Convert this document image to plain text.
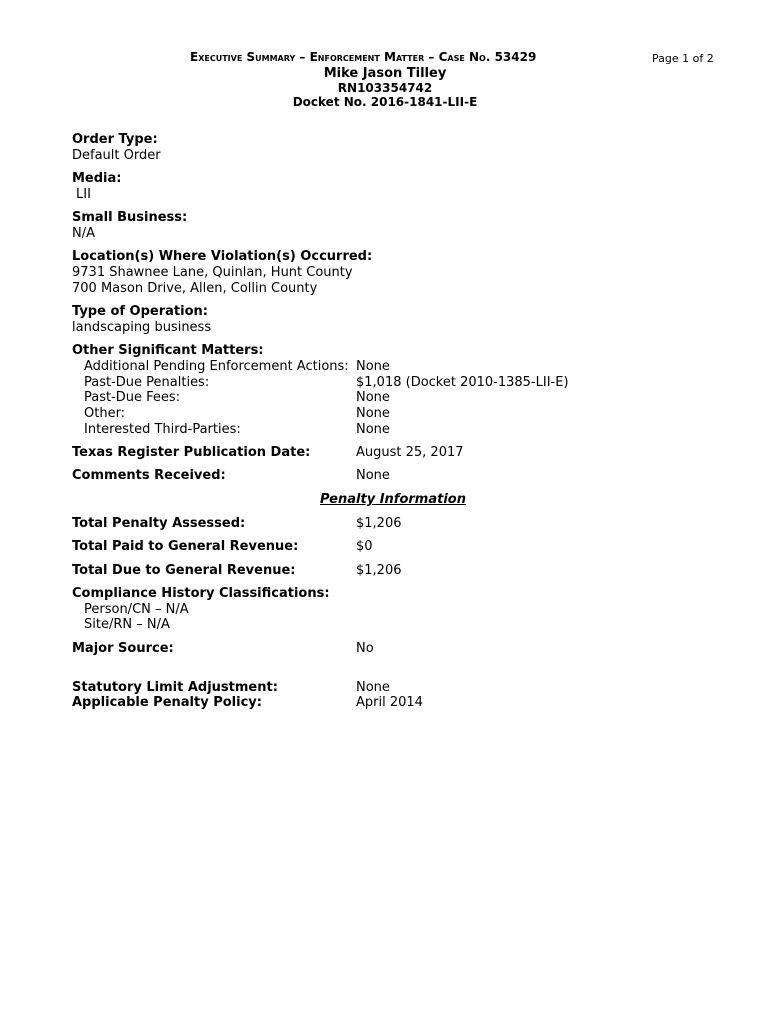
Executive Summary – Enforcement Matter – Case No. 53429	Page 1 of 2
Mike Jason Tilley
RN103354742
Docket No. 2016-1841-LII-E
Order Type:
Default Order
Media:
LII
Small Business:
N/A
Location(s) Where Violation(s) Occurred:
9731 Shawnee Lane, Quinlan, Hunt County
700 Mason Drive, Allen, Collin County
Type of Operation:
landscaping business
Other Significant Matters:
Additional Pending Enforcement Actions: None
Past-Due Penalties:	$1,018 (Docket 2010-1385-LII-E)
Past-Due Fees:	None
Other:	None
Interested Third-Parties:	None
Texas Register Publication Date:	August 25, 2017
Comments Received:	None
Penalty Information
Total Penalty Assessed:	$1,206
Total Paid to General Revenue:	$0
Total Due to General Revenue:	$1,206
Compliance History Classifications:
Person/CN – N/A
Site/RN – N/A
Major Source:	No
Statutory Limit Adjustment:	None
Applicable Penalty Policy:	April 2014
